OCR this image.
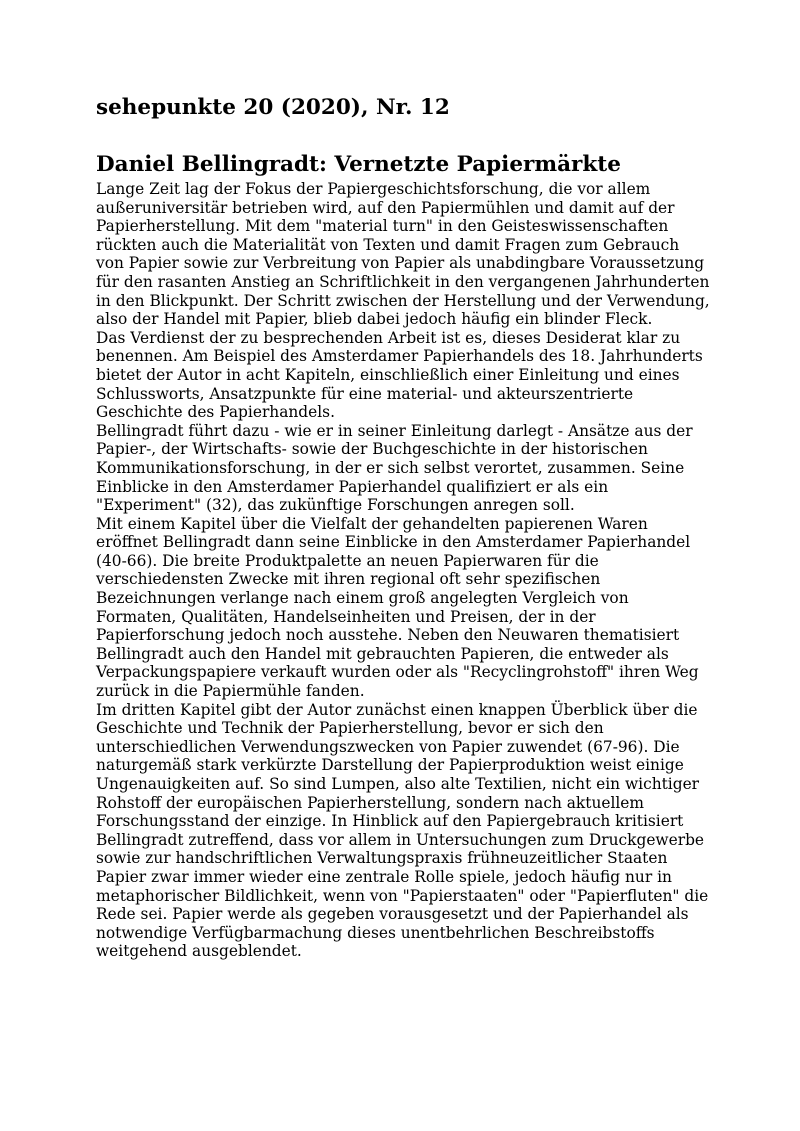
sehepunkte 20 (2020), Nr. 12
Daniel Bellingradt: Vernetzte Papiermärkte

Lange Zeit lag der Fokus der Papiergeschichtsforschung, die vor allem außeruniversitär betrieben wird, auf den Papiermühlen und damit auf der Papierherstellung. Mit dem "material turn" in den Geisteswissenschaften rückten auch die Materialität von Texten und damit Fragen zum Gebrauch von Papier sowie zur Verbreitung von Papier als unabdingbare Voraussetzung für den rasanten Anstieg an Schriftlichkeit in den vergangenen Jahrhunderten in den Blickpunkt. Der Schritt zwischen der Herstellung und der Verwendung, also der Handel mit Papier, blieb dabei jedoch häufig ein blinder Fleck.

Das Verdienst der zu besprechenden Arbeit ist es, dieses Desiderat klar zu benennen. Am Beispiel des Amsterdamer Papierhandels des 18. Jahrhunderts bietet der Autor in acht Kapiteln, einschließlich einer Einleitung und eines Schlussworts, Ansatzpunkte für eine material- und akteurszentrierte Geschichte des Papierhandels.

Bellingradt führt dazu - wie er in seiner Einleitung darlegt - Ansätze aus der Papier-, der Wirtschafts- sowie der Buchgeschichte in der historischen Kommunikationsforschung, in der er sich selbst verortet, zusammen. Seine Einblicke in den Amsterdamer Papierhandel qualifiziert er als ein "Experiment" (32), das zukünftige Forschungen anregen soll.

Mit einem Kapitel über die Vielfalt der gehandelten papierenen Waren eröffnet Bellingradt dann seine Einblicke in den Amsterdamer Papierhandel (40-66). Die breite Produktpalette an neuen Papierwaren für die verschiedensten Zwecke mit ihren regional oft sehr spezifischen Bezeichnungen verlange nach einem groß angelegten Vergleich von Formaten, Qualitäten, Handelseinheiten und Preisen, der in der Papierforschung jedoch noch ausstehe. Neben den Neuwaren thematisiert Bellingradt auch den Handel mit gebrauchten Papieren, die entweder als Verpackungspapiere verkauft wurden oder als "Recyclingrohstoff" ihren Weg zurück in die Papiermühle fanden.

Im dritten Kapitel gibt der Autor zunächst einen knappen Überblick über die Geschichte und Technik der Papierherstellung, bevor er sich den unterschiedlichen Verwendungszwecken von Papier zuwendet (67-96). Die naturgemäß stark verkürzte Darstellung der Papierproduktion weist einige Ungenauigkeiten auf. So sind Lumpen, also alte Textilien, nicht ein wichtiger Rohstoff der europäischen Papierherstellung, sondern nach aktuellem Forschungsstand der einzige. In Hinblick auf den Papiergebrauch kritisiert Bellingradt zutreffend, dass vor allem in Untersuchungen zum Druckgewerbe sowie zur handschriftlichen Verwaltungspraxis frühneuzeitlicher Staaten Papier zwar immer wieder eine zentrale Rolle spiele, jedoch häufig nur in metaphorischer Bildlichkeit, wenn von "Papierstaaten" oder "Papierfluten" die Rede sei. Papier werde als gegeben vorausgesetzt und der Papierhandel als notwendige Verfügbarmachung dieses unentbehrlichen Beschreibstoffs weitgehend ausgeblendet.
